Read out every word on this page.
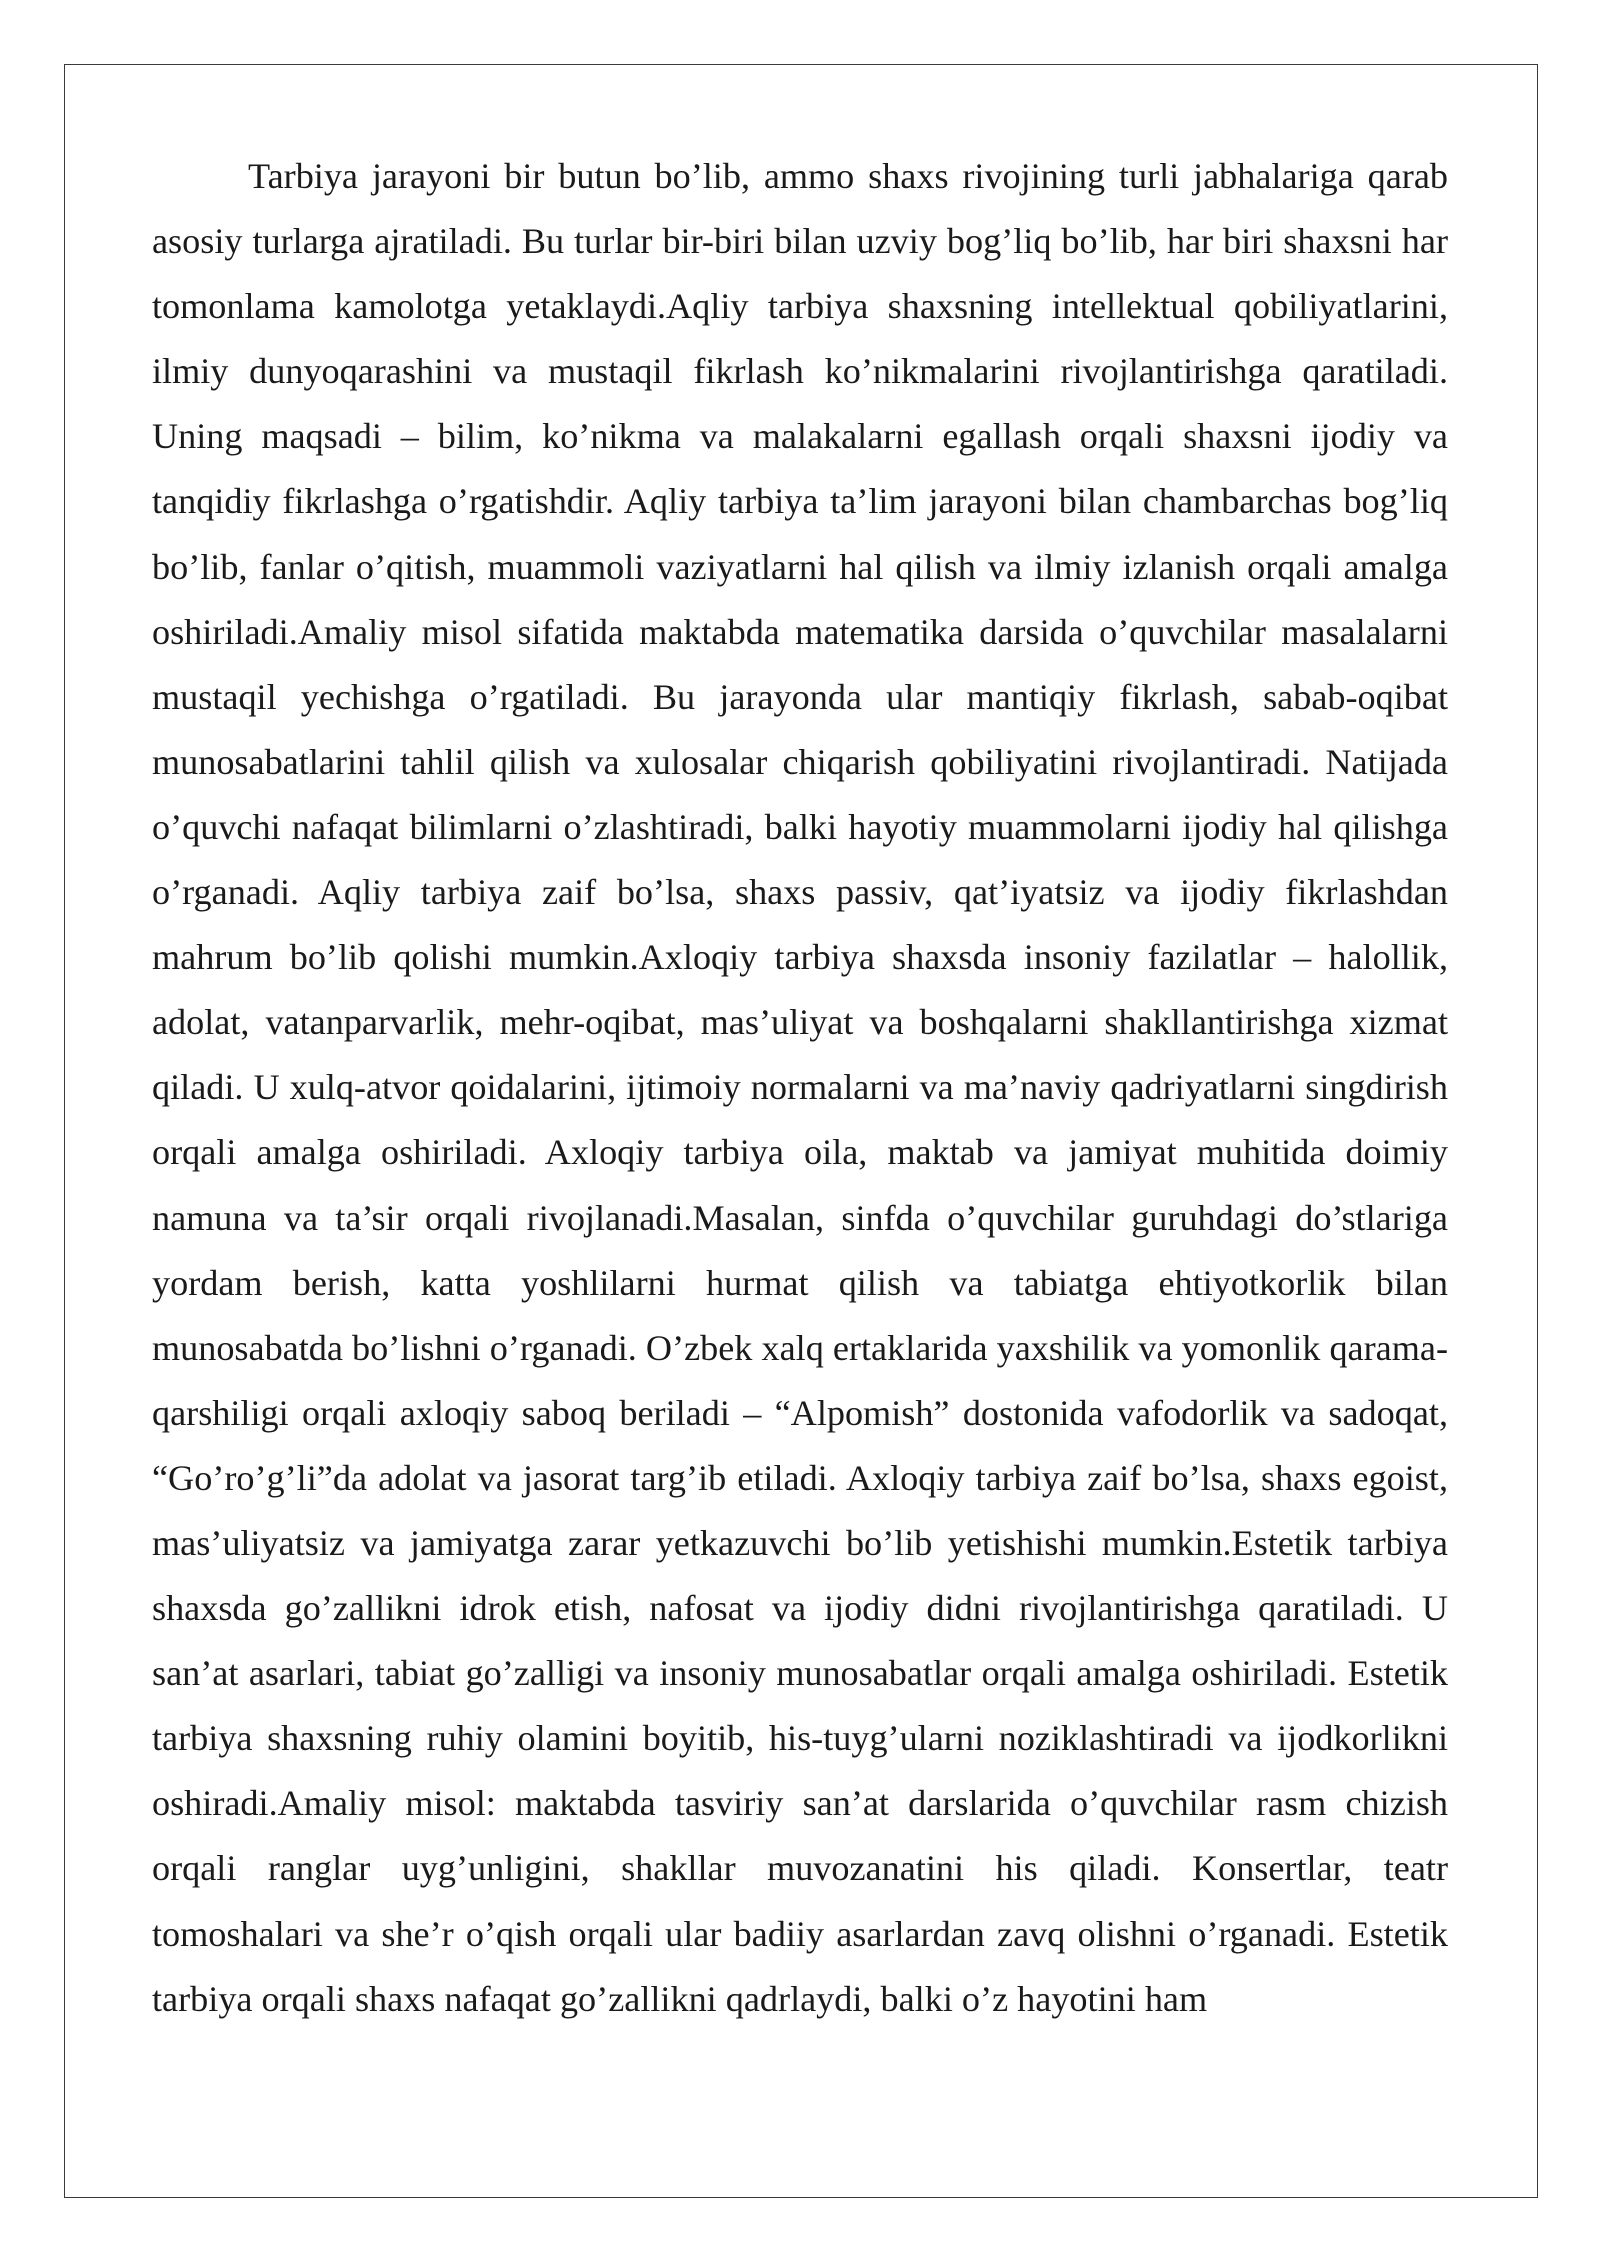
Tarbiya jarayoni bir butun bo’lib, ammo shaxs rivojining turli jabhalariga qarab asosiy turlarga ajratiladi. Bu turlar bir-biri bilan uzviy bog’liq bo’lib, har biri shaxsni har tomonlama kamolotga yetaklaydi.Aqliy tarbiya shaxsning intellektual qobiliyatlarini, ilmiy dunyoqarashini va mustaqil fikrlash ko’nikmalarini rivojlantirishga qaratiladi. Uning maqsadi – bilim, ko’nikma va malakalarni egallash orqali shaxsni ijodiy va tanqidiy fikrlashga o’rgatishdir. Aqliy tarbiya ta’lim jarayoni bilan chambarchas bog’liq bo’lib, fanlar o’qitish, muammoli vaziyatlarni hal qilish va ilmiy izlanish orqali amalga oshiriladi.Amaliy misol sifatida maktabda matematika darsida o’quvchilar masalalarni mustaqil yechishga o’rgatiladi. Bu jarayonda ular mantiqiy fikrlash, sabab-oqibat munosabatlarini tahlil qilish va xulosalar chiqarish qobiliyatini rivojlantiradi. Natijada o’quvchi nafaqat bilimlarni o’zlashtiradi, balki hayotiy muammolarni ijodiy hal qilishga o’rganadi. Aqliy tarbiya zaif bo’lsa, shaxs passiv, qat’iyatsiz va ijodiy fikrlashdan mahrum bo’lib qolishi mumkin.Axloqiy tarbiya shaxsda insoniy fazilatlar – halollik, adolat, vatanparvarlik, mehr-oqibat, mas’uliyat va boshqalarni shakllantirishga xizmat qiladi. U xulq-atvor qoidalarini, ijtimoiy normalarni va ma’naviy qadriyatlarni singdirish orqali amalga oshiriladi. Axloqiy tarbiya oila, maktab va jamiyat muhitida doimiy namuna va ta’sir orqali rivojlanadi.Masalan, sinfda o’quvchilar guruhdagi do’stlariga yordam berish, katta yoshlilarni hurmat qilish va tabiatga ehtiyotkorlik bilan munosabatda bo’lishni o’rganadi. O’zbek xalq ertaklarida yaxshilik va yomonlik qarama-qarshiligi orqali axloqiy saboq beriladi – “Alpomish” dostonida vafodorlik va sadoqat, “Go’ro’g’li”da adolat va jasorat targ’ib etiladi. Axloqiy tarbiya zaif bo’lsa, shaxs egoist, mas’uliyatsiz va jamiyatga zarar yetkazuvchi bo’lib yetishishi mumkin.Estetik tarbiya shaxsda go’zallikni idrok etish, nafosat va ijodiy didni rivojlantirishga qaratiladi. U san’at asarlari, tabiat go’zalligi va insoniy munosabatlar orqali amalga oshiriladi. Estetik tarbiya shaxsning ruhiy olamini boyitib, his-tuyg’ularni noziklashtiradi va ijodkorlikni oshiradi.Amaliy misol: maktabda tasviriy san’at darslarida o’quvchilar rasm chizish orqali ranglar uyg’unligini, shakllar muvozanatini his qiladi. Konsertlar, teatr tomoshalari va she’r o’qish orqali ular badiiy asarlardan zavq olishni o’rganadi. Estetik tarbiya orqali shaxs nafaqat go’zallikni qadrlaydi, balki o’z hayotini ham
